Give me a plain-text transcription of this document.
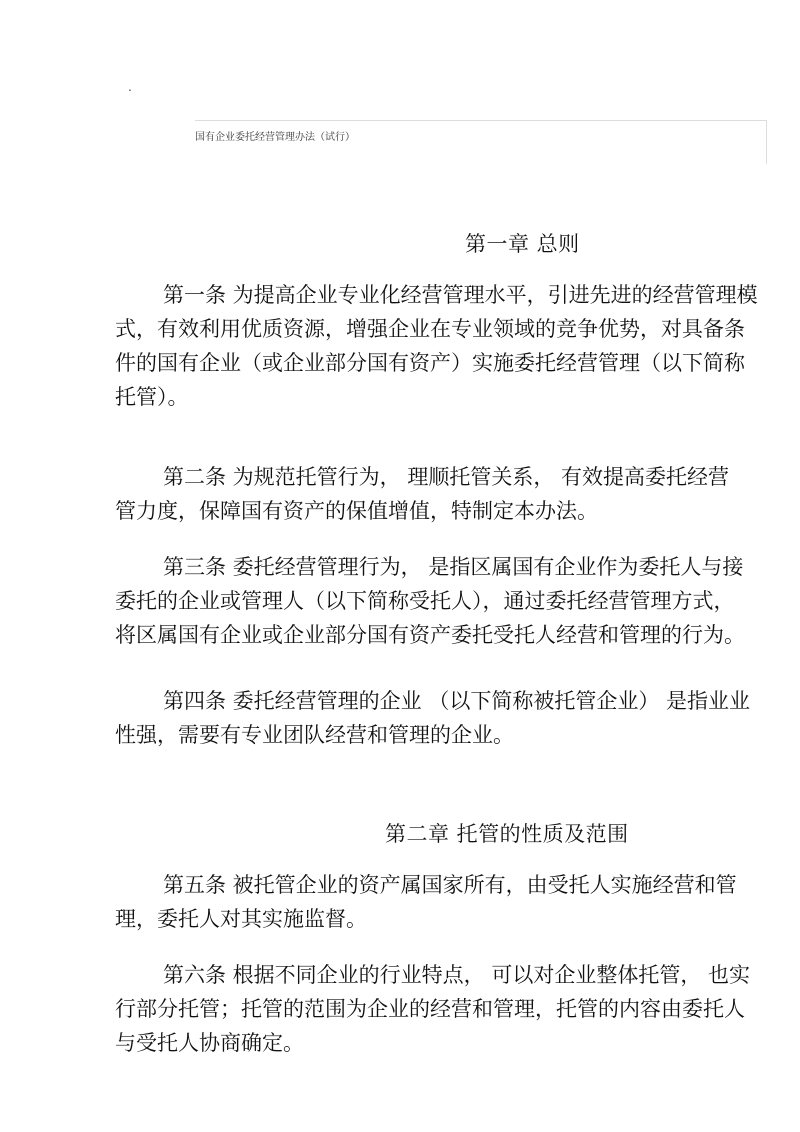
.
国有企业委托经营管理办法（试行）
第一章 总则

第一条 为提高企业专业化经营管理水平，引进先进的经营管理模
式，有效利用优质资源，增强企业在专业领域的竞争优势，对具备条
件的国有企业（或企业部分国有资产）实施委托经营管理（以下简称
托管）。

第二条 为规范托管行为， 理顺托管关系， 有效提高委托经营
管力度，保障国有资产的保值增值，特制定本办法。

第三条 委托经营管理行为， 是指区属国有企业作为委托人与接
委托的企业或管理人（以下简称受托人），通过委托经营管理方式，
将区属国有企业或企业部分国有资产委托受托人经营和管理的行为。

第四条 委托经营管理的企业 （以下简称被托管企业） 是指业业
性强，需要有专业团队经营和管理的企业。

第二章 托管的性质及范围

第五条 被托管企业的资产属国家所有，由受托人实施经营和管
理，委托人对其实施监督。

第六条 根据不同企业的行业特点， 可以对企业整体托管， 也实
行部分托管；托管的范围为企业的经营和管理，托管的内容由委托人
与受托人协商确定。
